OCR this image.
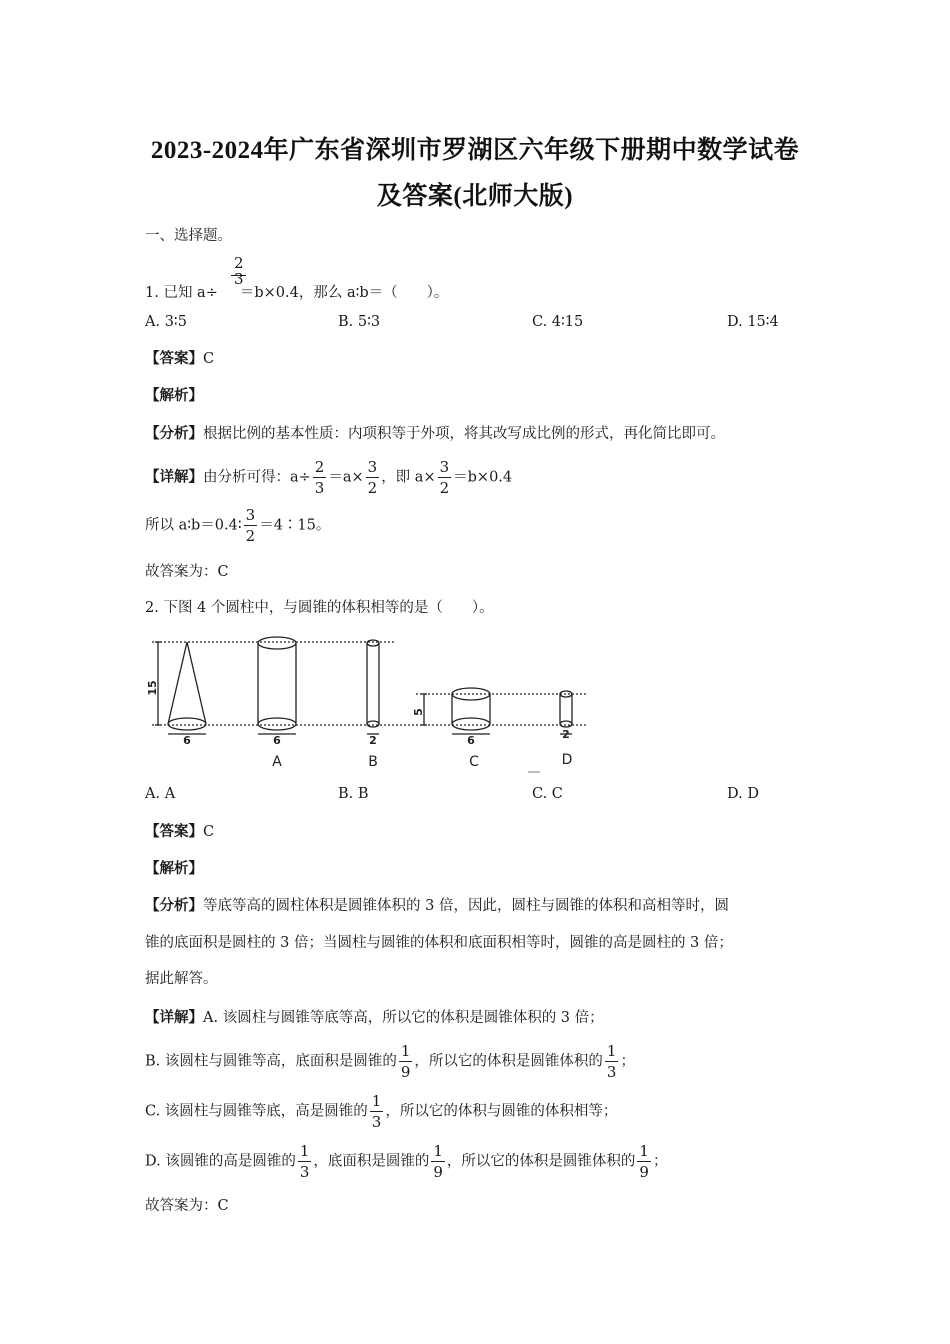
2023-2024年广东省深圳市罗湖区六年级下册期中数学试卷
及答案(北师大版)
一、选择题。
2
3
1. 已知 a÷ ＝b×0.4，那么 a∶b＝（　　）。
A. 3∶5	B. 5∶3	C. 4∶15	D. 15∶4
【答案】C
【解析】
【分析】根据比例的基本性质：内项积等于外项，将其改写成比例的形式，再化简比即可。
【详解】由分析可得：$a\div \frac{2}{3} =a\times \frac{3}{2}$ ，即 $a\times \frac{3}{2} =b\times 0.4$
所以 a∶b＝0.4∶ $\frac{3}{2}$ ＝4∶15。
故答案为：C
2. 下图 4 个圆柱中，与圆锥的体积相等的是（　　）。
15
5
6	6	2	6	2
A	B	C	D
A. A	B. B	C. C	D. D
【答案】C
【解析】
【分析】等底等高的圆柱体积是圆锥体积的 3 倍，因此，圆柱与圆锥的体积和高相等时，圆
锥的底面积是圆柱的 3 倍；当圆柱与圆锥的体积和底面积相等时，圆锥的高是圆柱的 3 倍；
据此解答。
【详解】A. 该圆柱与圆锥等底等高，所以它的体积是圆锥体积的 3 倍；
B. 该圆柱与圆锥等高，底面积是圆锥的 $\frac{1}{9}$ ，所以它的体积是圆锥体积的 $\frac{1}{3}$ ；
C. 该圆柱与圆锥等底，高是圆锥的 $\frac{1}{3}$ ，所以它的体积与圆锥的体积相等；
D. 该圆锥的高是圆锥的 $\frac{1}{3}$ ，底面积是圆锥的 $\frac{1}{9}$ ，所以它的体积是圆锥体积的 $\frac{1}{9}$ ；
故答案为：C
